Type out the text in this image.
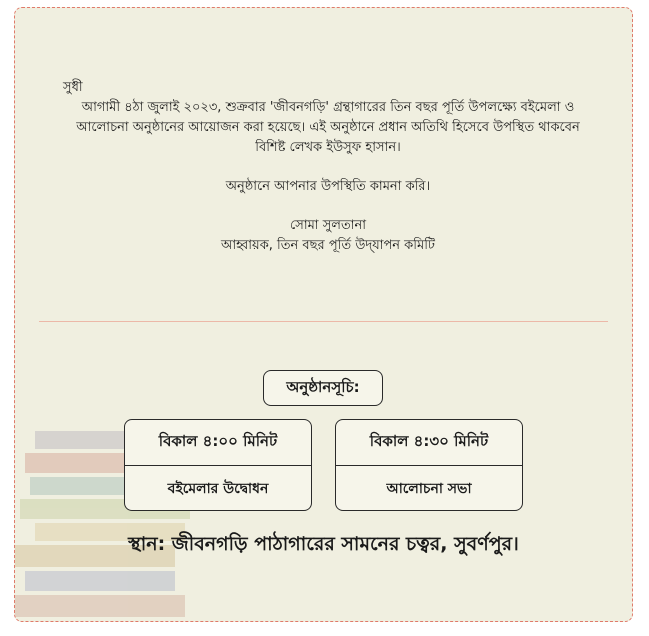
সুধী

আগামী ৪ঠা জুলাই ২০২৩, শুক্রবার 'জীবনগড়ি' গ্রন্থাগারের তিন বছর পূর্তি উপলক্ষ্যে বইমেলা ও
আলোচনা অনুষ্ঠানের আয়োজন করা হয়েছে। এই অনুষ্ঠানে প্রধান অতিথি হিসেবে উপস্থিত থাকবেন
বিশিষ্ট লেখক ইউসুফ হাসান।

অনুষ্ঠানে আপনার উপস্থিতি কামনা করি।

সোমা সুলতানা
আহ্বায়ক, তিন বছর পূর্তি উদ্‌যাপন কমিটি

অনুষ্ঠানসূচি:
বিকাল ৪:০০ মিনিট
বইমেলার উদ্বোধন
বিকাল ৪:৩০ মিনিট
আলোচনা সভা
স্থান: জীবনগড়ি পাঠাগারের সামনের চত্বর, সুবর্ণপুর।
